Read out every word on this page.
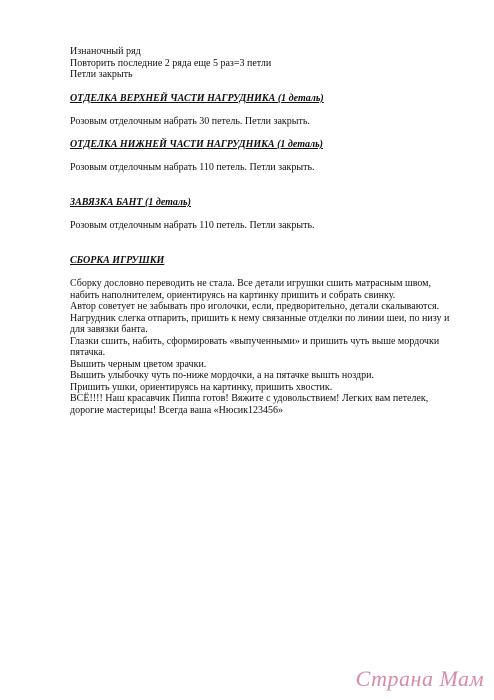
Изнаночный ряд
Повторить последние 2 ряда еще 5 раз=3 петли
Петли закрыть
ОТДЕЛКА ВЕРХНЕЙ ЧАСТИ НАГРУДНИКА (1 деталь)
Розовым отделочным набрать 30 петель. Петли закрыть.
ОТДЕЛКА НИЖНЕЙ ЧАСТИ НАГРУДНИКА (1 деталь)
Розовым отделочным набрать 110 петель. Петли закрыть.
ЗАВЯЗКА БАНТ (1 деталь)
Розовым отделочным набрать 110 петель. Петли закрыть.
СБОРКА ИГРУШКИ
Сборку дословно переводить не стала. Все детали игрушки сшить матрасным швом,
набить наполнителем, ориентируясь на картинку пришить и собрать свинку.
Автор советует не забывать про иголочки, если, предворительно, детали скалываются.
Нагрудник слегка отпарить, пришить к нему связанные отделки по линии шеи, по низу и
для завязки банта.
Глазки сшить, набить, сформировать «выпученными» и пришить чуть выше мордочки
пятачка.
Вышить черным цветом зрачки.
Вышить улыбочку чуть по-ниже мордочки, а на пятачке вышть ноздри.
Пришить ушки, ориентируясь на картинку, пришить хвостик.
ВСЁ!!!! Наш красавчик Пиппа готов! Вяжите с удовольствием! Легких вам петелек,
дорогие мастерицы! Всегда ваша «Нюсик123456»
Страна Мам
